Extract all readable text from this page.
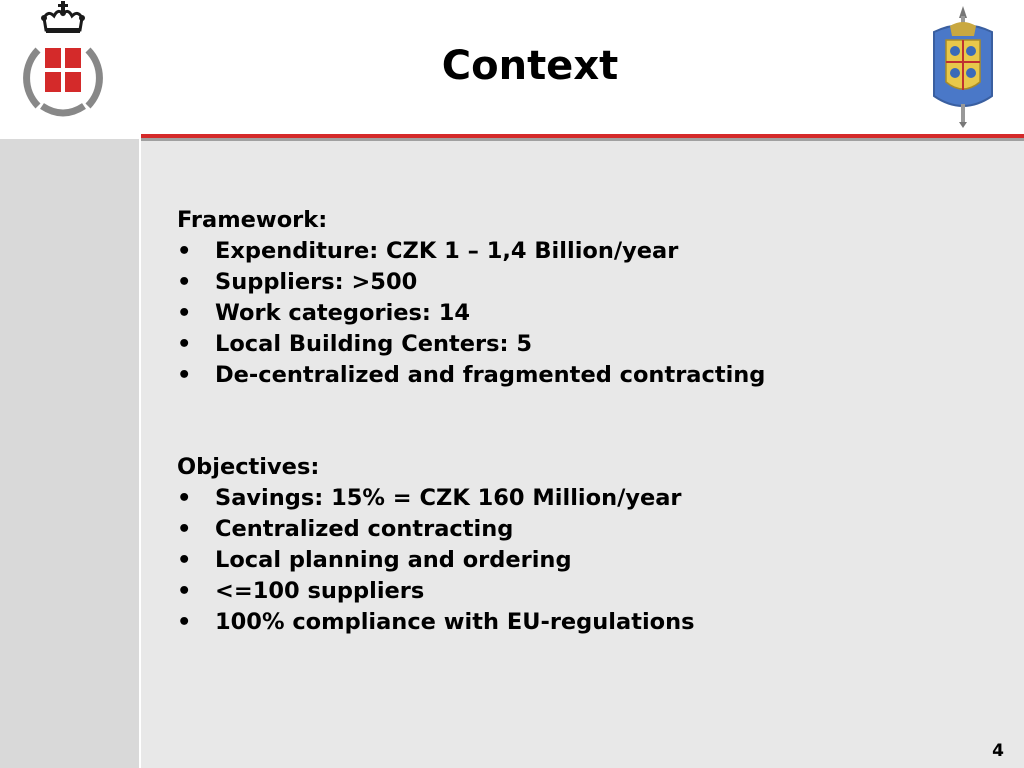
Context
Framework:
• Expenditure: CZK 1 – 1,4 Billion/year
• Suppliers: >500
• Work categories: 14
• Local Building Centers: 5
• De-centralized and fragmented contracting
Objectives:
• Savings: 15% = CZK 160 Million/year
• Centralized contracting
• Local planning and ordering
• <=100 suppliers
• 100% compliance with EU-regulations
4
